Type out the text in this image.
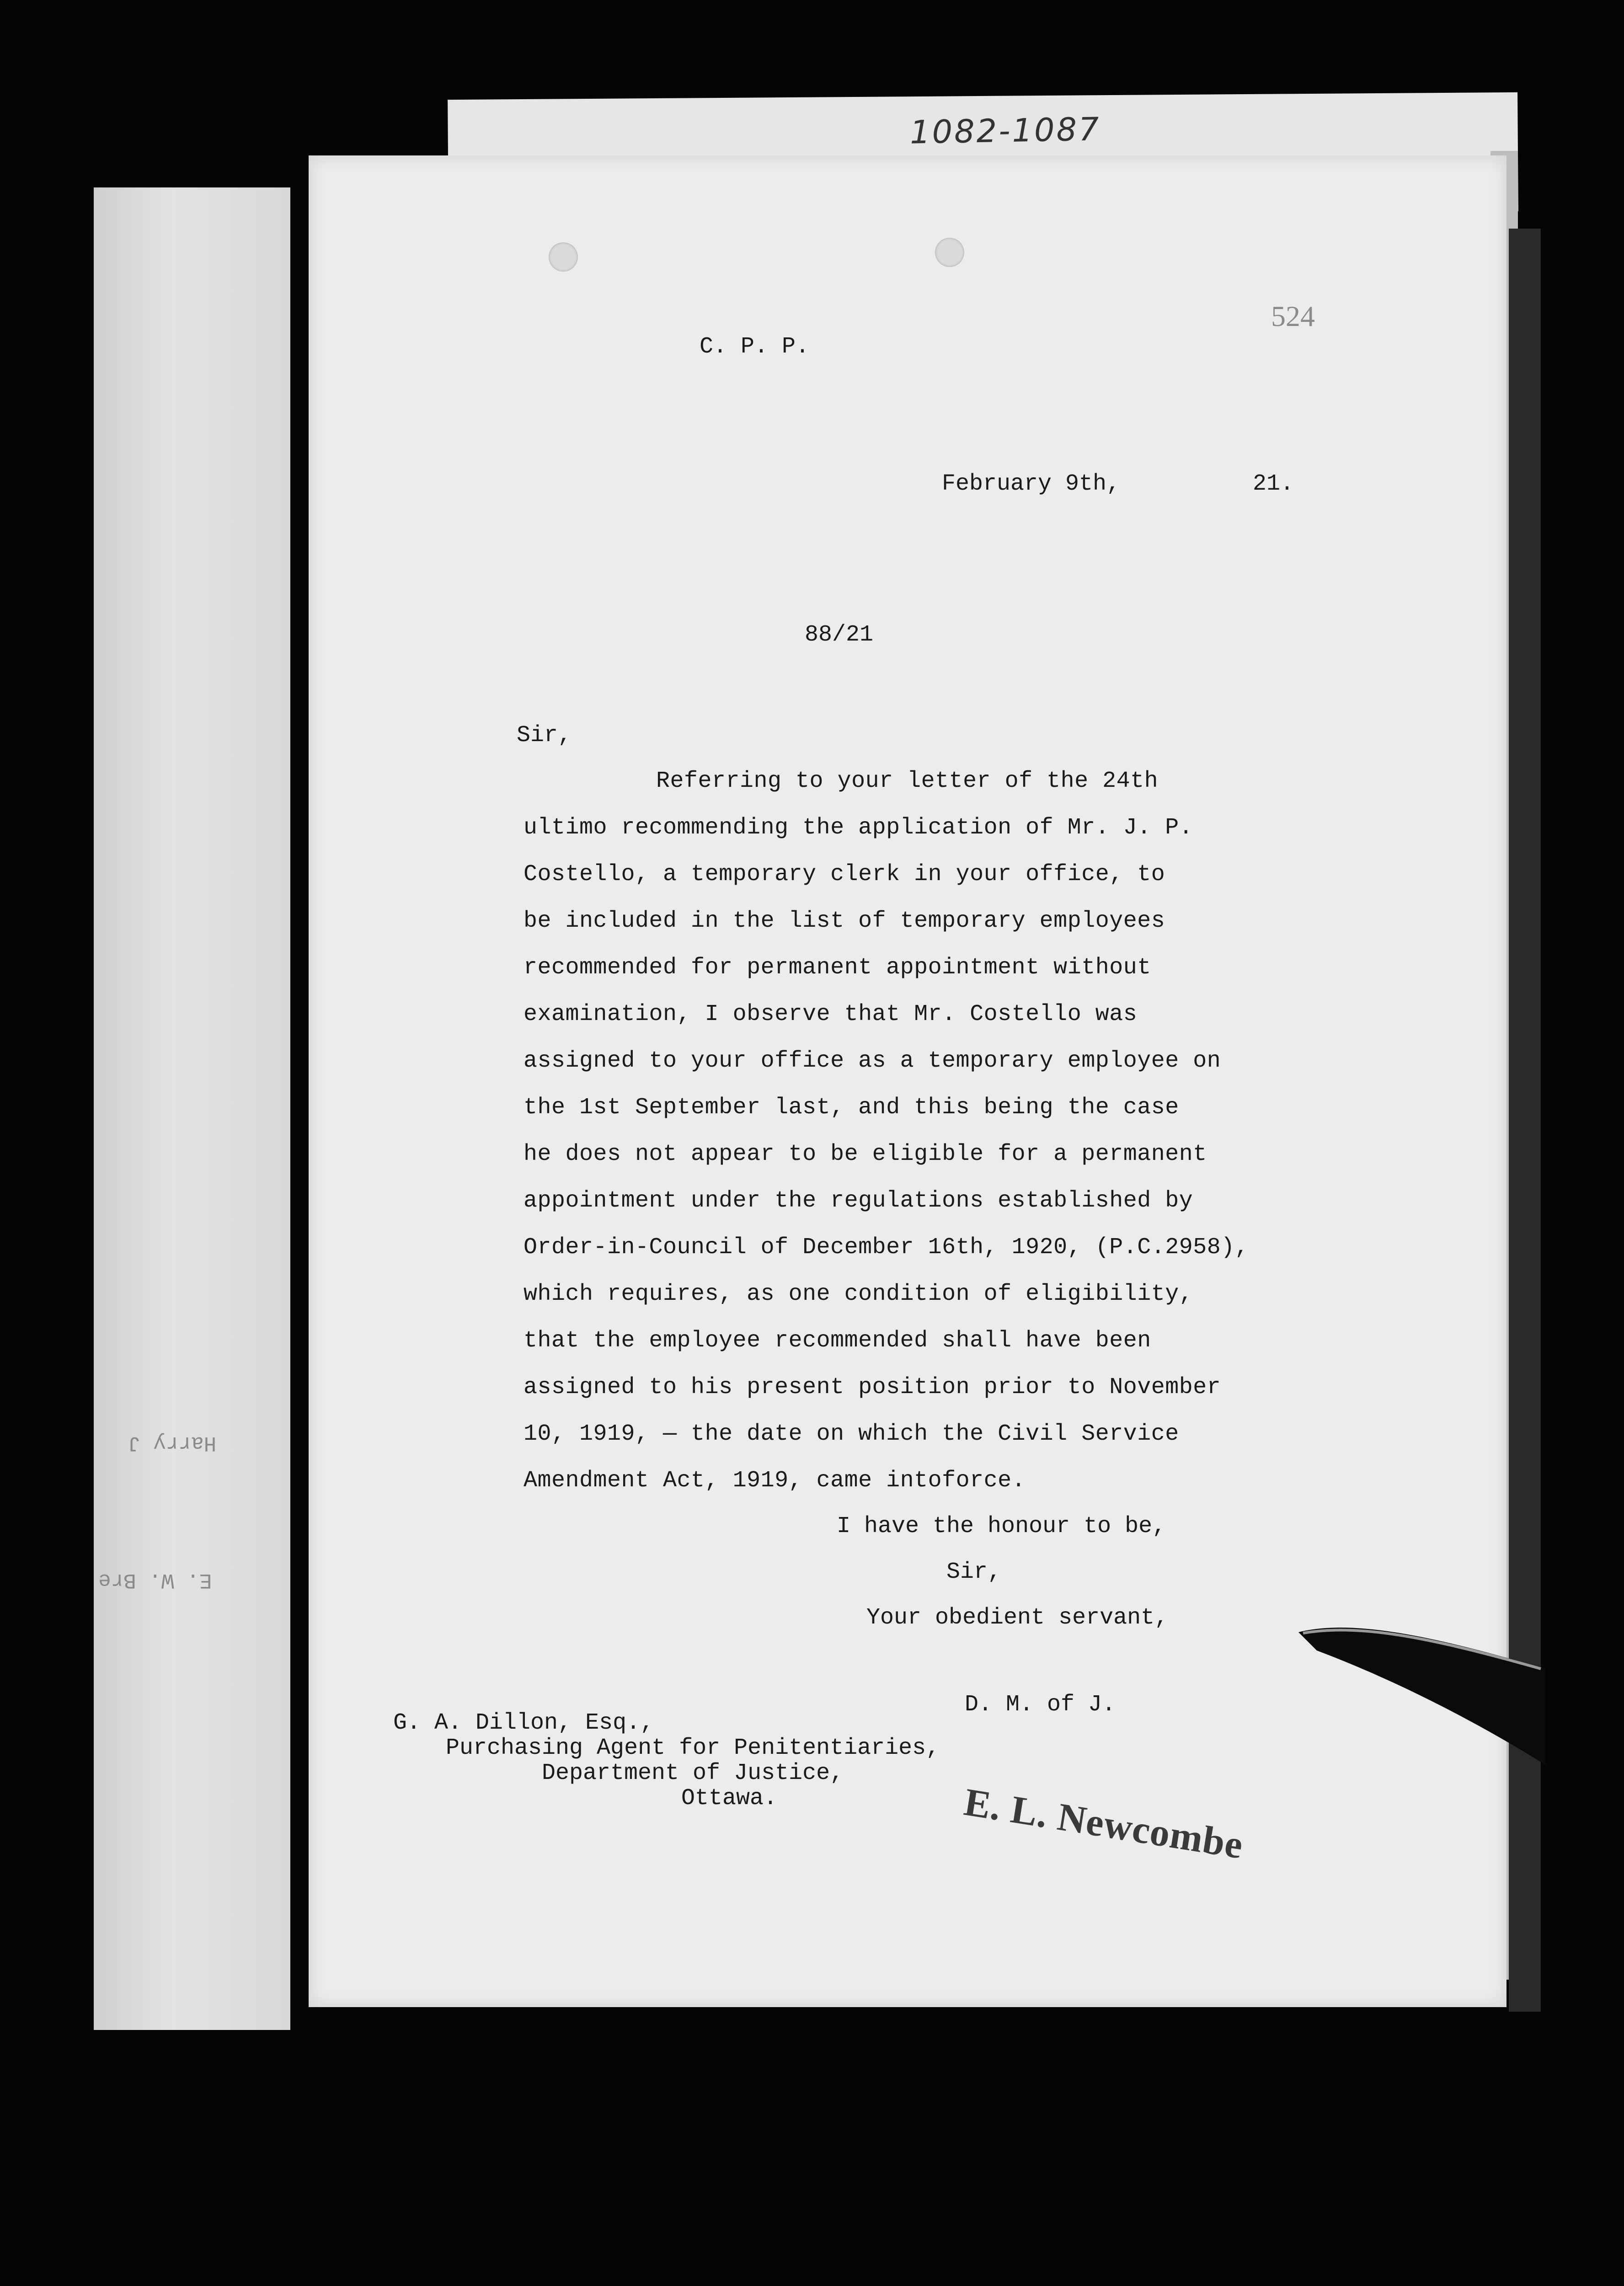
1082-1087
Harry J
E. W. Bre
524
C. P. P.
February 9th,	21.
88/21
Sir,
Referring to your letter of the 24th
ultimo recommending the application of Mr. J. P.
Costello, a temporary clerk in your office, to
be included in the list of temporary employees
recommended for permanent appointment without
examination, I observe that Mr. Costello was
assigned to your office as a temporary employee on
the 1st September last, and this being the case
he does not appear to be eligible for a permanent
appointment under the regulations established by
Order-in-Council of December 16th, 1920, (P.C.2958),
which requires, as one condition of eligibility,
that the employee recommended shall have been
assigned to his present position prior to November
10, 1919, — the date on which the Civil Service
Amendment Act, 1919, came intoforce.
I have the honour to be,
Sir,
Your obedient servant,
D. M. of J.
G. A. Dillon, Esq.,
Purchasing Agent for Penitentiaries,
Department of Justice,
Ottawa.	E. L. Newcombe
